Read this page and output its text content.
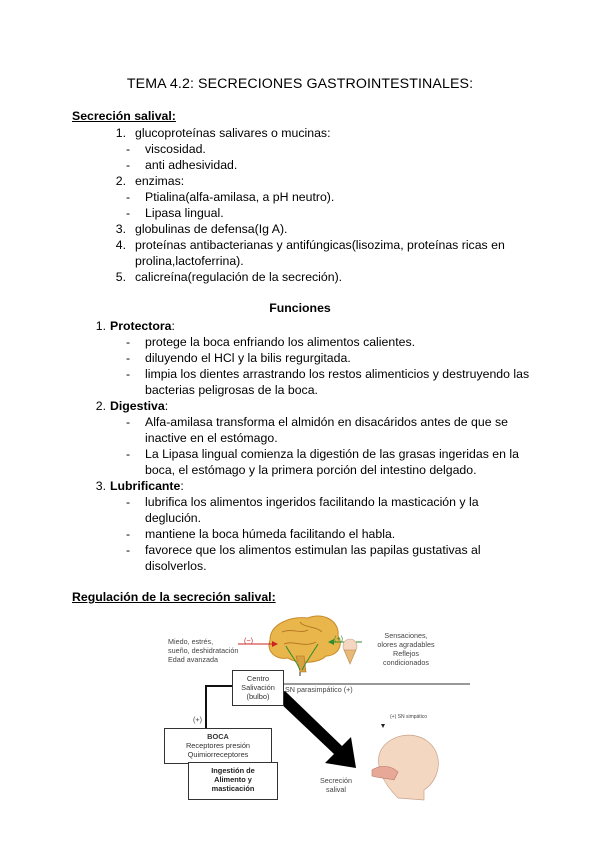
TEMA 4.2: SECRECIONES GASTROINTESTINALES:
Secreción salival:
1. glucoproteínas salivares o mucinas:
-	viscosidad.
-	anti adhesividad.
2. enzimas:
-	Ptialina(alfa-amilasa, a pH neutro).
-	Lipasa lingual.
3. globulinas de defensa(Ig A).
4. proteínas antibacterianas y antifúngicas(lisozima, proteínas ricas en
prolina,lactoferrina).
5. calicreína(regulación de la secreción).
Funciones
1. Protectora:
-	protege la boca enfriando los alimentos calientes.
-	diluyendo el HCl y la bilis regurgitada.
-	limpia los dientes arrastrando los restos alimenticios y destruyendo las
bacterias peligrosas de la boca.
2. Digestiva:
-	Alfa-amilasa transforma el almidón en disacáridos antes de que se
inactive en el estómago.
-	La Lipasa lingual comienza la digestión de las grasas ingeridas en la
boca, el estómago y la primera porción del intestino delgado.
3. Lubrificante:
-	lubrifica los alimentos ingeridos facilitando la masticación y la
deglución.
-	mantiene la boca húmeda facilitando el habla.
-	favorece que los alimentos estimulan las papilas gustativas al
disolverlos.
Regulación de la secreción salival:
Miedo, estrés,
sueño, deshidratación
Edad avanzada
(−)	(+)	Sensaciones,
olores agradables
Reflejos
condicionados
Centro
Salivación
(bulbo)
SN parasimpático (+)
(+) SN simpático
(+)
BOCA
Receptores presión
Quimiorreceptores
Ingestión de
Alimento y
masticación
Secreción
salival
